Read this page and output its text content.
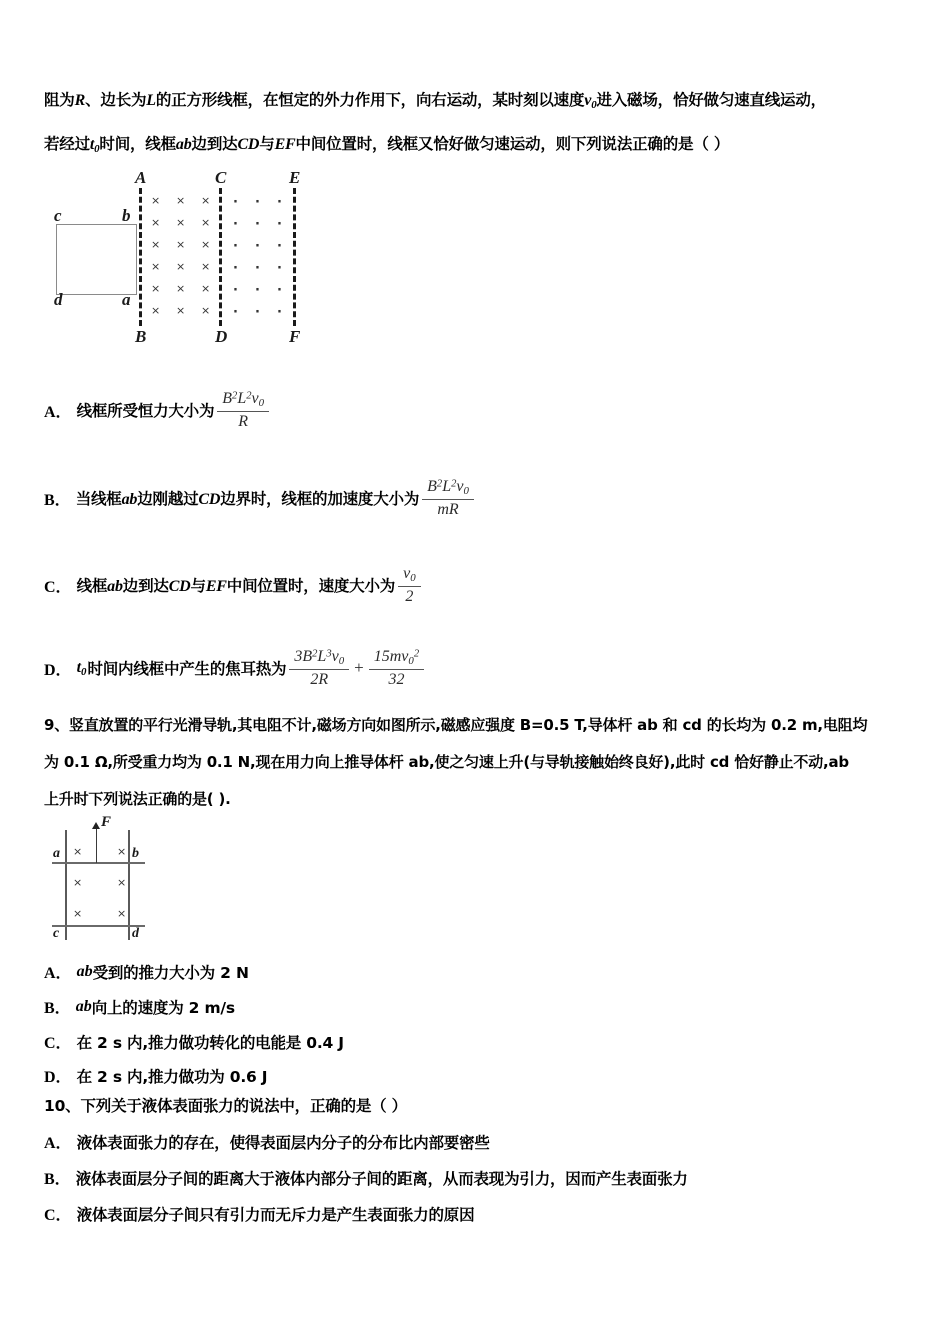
阻为R、边长为L的正方形线框，在恒定的外力作用下，向右运动，某时刻以速度$v_0$进入磁场，恰好做匀速直线运动，
若经过$t_0$时间，线框ab边到达CD与EF中间位置时，线框又恰好做匀速运动，则下列说法正确的是（ ）
A	C	E
B	D	F
c	b
d	a
× × ×
× × ×
× × ×
× × ×
× × ×
× × ×
· · ·
· · ·
· · ·
· · ·
· · ·
· · ·
A． 线框所受恒力大小为 $\frac{B^2L^2v_0}{R}$
B． 当线框ab边刚越过CD边界时，线框的加速度大小为 $\frac{B^2L^2v_0}{mR}$
C． 线框ab边到达CD与EF中间位置时，速度大小为 $\frac{v_0}{2}$
D． $t_0$ 时间内线框中产生的焦耳热为 $\frac{3B^2L^3v_0}{2R} + \frac{15mv_0^2}{32}$
9、竖直放置的平行光滑导轨,其电阻不计,磁场方向如图所示,磁感应强度 B=0.5 T,导体杆 ab 和 cd 的长均为 0.2 m,电阻均
为 0.1 Ω,所受重力均为 0.1 N,现在用力向上推导体杆 ab,使之匀速上升(与导轨接触始终良好),此时 cd 恰好静止不动,ab
上升时下列说法正确的是( ).
F
a	b
c	d
×	×
×	×
×	×
A． ab 受到的推力大小为 2 N
B． ab 向上的速度为 2 m/s
C． 在 2 s 内,推力做功转化的电能是 0.4 J
D． 在 2 s 内,推力做功为 0.6 J
10、下列关于液体表面张力的说法中，正确的是（ ）
A． 液体表面张力的存在，使得表面层内分子的分布比内部要密些
B． 液体表面层分子间的距离大于液体内部分子间的距离，从而表现为引力，因而产生表面张力
C． 液体表面层分子间只有引力而无斥力是产生表面张力的原因
